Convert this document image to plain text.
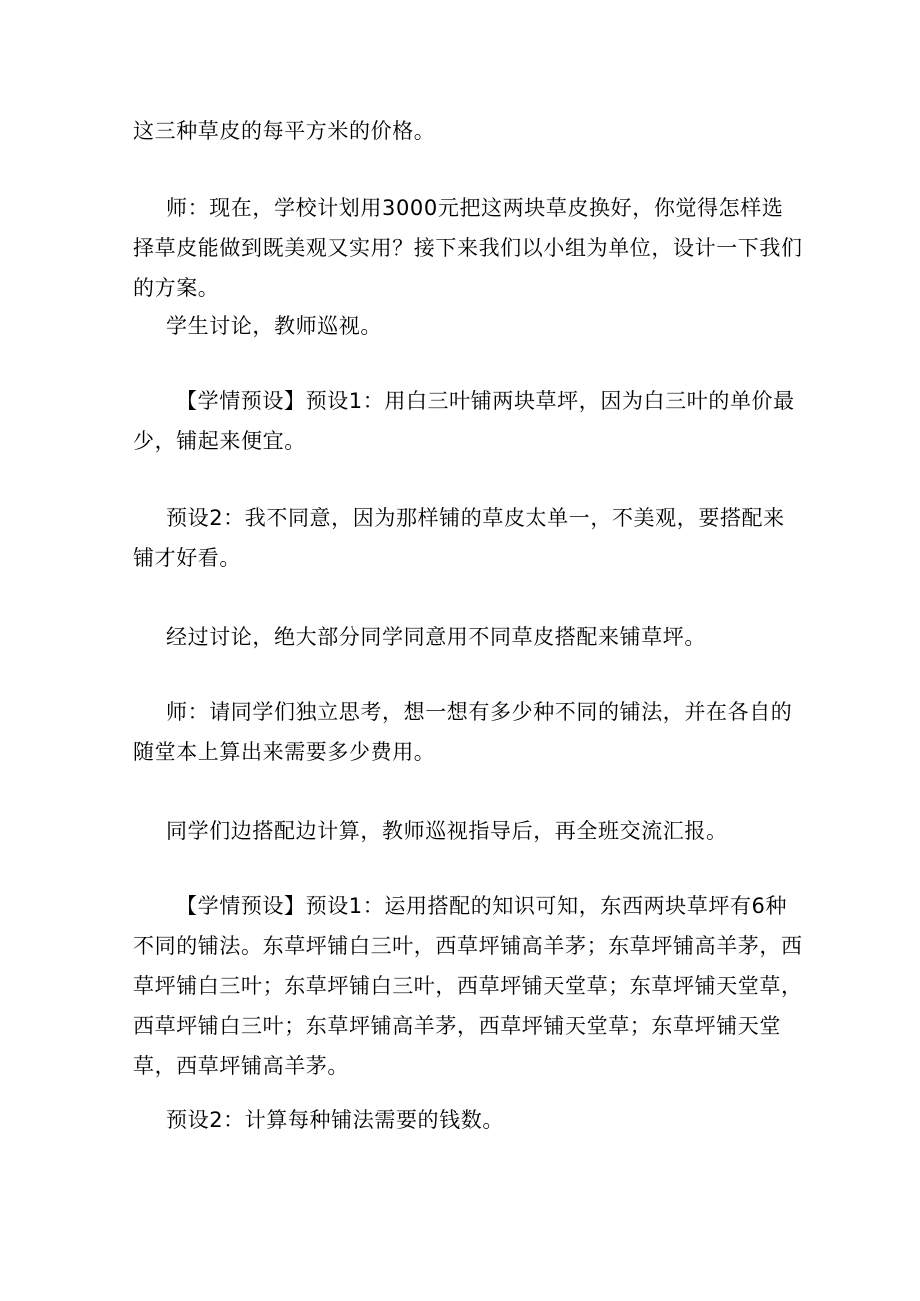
这三种草皮的每平方米的价格。

师：现在，学校计划用3000元把这两块草皮换好，你觉得怎样选择草皮能做到既美观又实用？接下来我们以小组为单位，设计一下我们的方案。

学生讨论，教师巡视。

【学情预设】预设1：用白三叶铺两块草坪，因为白三叶的单价最少，铺起来便宜。

预设2：我不同意，因为那样铺的草皮太单一，不美观，要搭配来铺才好看。

经过讨论，绝大部分同学同意用不同草皮搭配来铺草坪。

师：请同学们独立思考，想一想有多少种不同的铺法，并在各自的随堂本上算出来需要多少费用。

同学们边搭配边计算，教师巡视指导后，再全班交流汇报。

【学情预设】预设1：运用搭配的知识可知，东西两块草坪有6种不同的铺法。东草坪铺白三叶，西草坪铺高羊茅；东草坪铺高羊茅，西草坪铺白三叶；东草坪铺白三叶，西草坪铺天堂草；东草坪铺天堂草，西草坪铺白三叶；东草坪铺高羊茅，西草坪铺天堂草；东草坪铺天堂草，西草坪铺高羊茅。

预设2：计算每种铺法需要的钱数。
